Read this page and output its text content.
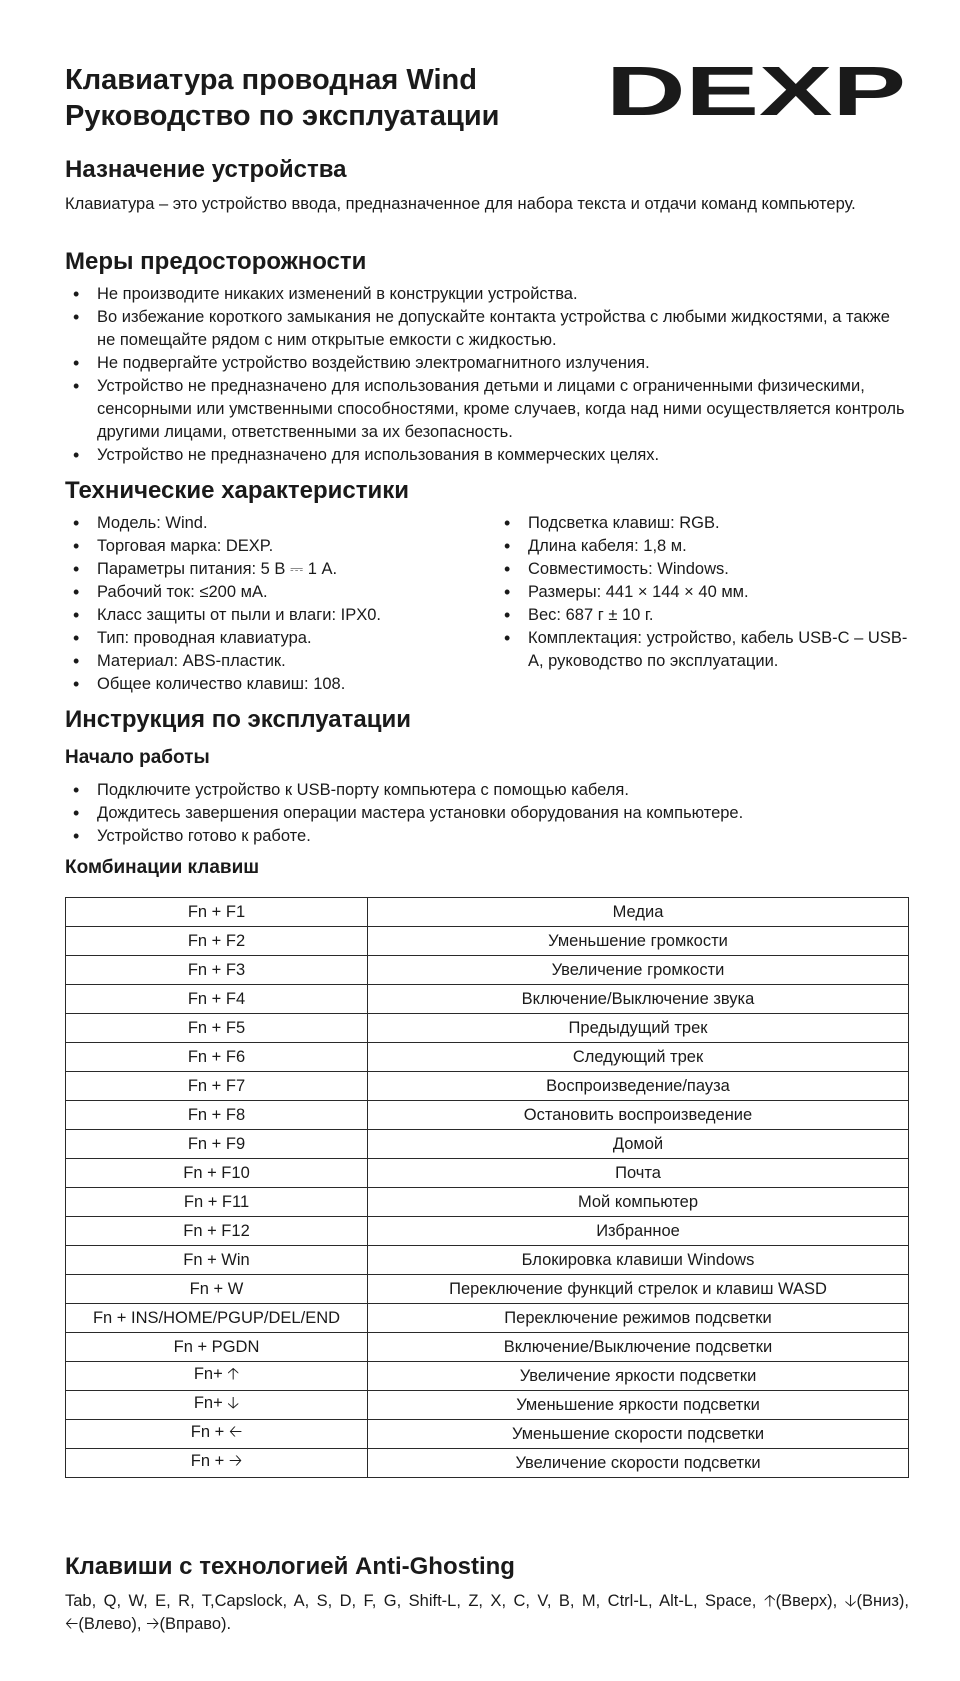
Клавиатура проводная Wind
Руководство по эксплуатации DEXP
Назначение устройства

Клавиатура – это устройство ввода, предназначенное для набора текста и отдачи команд компьютеру.

Меры предосторожности
• Не производите никаких изменений в конструкции устройства.
• Во избежание короткого замыкания не допускайте контакта устройства с любыми жидкостями, а также не помещайте рядом с ним открытые емкости с жидкостью.
• Не подвергайте устройство воздействию электромагнитного излучения.
• Устройство не предназначено для использования детьми и лицами с ограниченными физическими, сенсорными или умственными способностями, кроме случаев, когда над ними осуществляется контроль другими лицами, ответственными за их безопасность.
• Устройство не предназначено для использования в коммерческих целях.
Технические характеристики
• Модель: Wind.
• Торговая марка: DEXP.
• Параметры питания: 5 В ⎓ 1 А.
• Рабочий ток: ≤200 мА.
• Класс защиты от пыли и влаги: IPX0.
• Тип: проводная клавиатура.
• Материал: ABS-пластик.
• Общее количество клавиш: 108.
• Подсветка клавиш: RGB.
• Длина кабеля: 1,8 м.
• Совместимость: Windows.
• Размеры: 441 × 144 × 40 мм.
• Вес: 687 г ± 10 г.
• Комплектация: устройство, кабель USB-C – USB-A, руководство по эксплуатации.
Инструкция по эксплуатации
Начало работы
• Подключите устройство к USB-порту компьютера с помощью кабеля.
• Дождитесь завершения операции мастера установки оборудования на компьютере.
• Устройство готово к работе.
Комбинации клавиш
Fn + F1	Медиа
Fn + F2	Уменьшение громкости
Fn + F3	Увеличение громкости
Fn + F4	Включение/Выключение звука
Fn + F5	Предыдущий трек
Fn + F6	Следующий трек
Fn + F7	Воспроизведение/пауза
Fn + F8	Остановить воспроизведение
Fn + F9	Домой
Fn + F10	Почта
Fn + F11	Мой компьютер
Fn + F12	Избранное
Fn + Win	Блокировка клавиши Windows
Fn + W	Переключение функций стрелок и клавиш WASD
Fn + INS/HOME/PGUP/DEL/END	Переключение режимов подсветки
Fn + PGDN	Включение/Выключение подсветки
Fn+ 🡡	Увеличение яркости подсветки
Fn+ 🡣	Уменьшение яркости подсветки
Fn + 🡠	Уменьшение скорости подсветки
Fn + 🡢	Увеличение скорости подсветки
Клавиши с технологией Anti-Ghosting

Tab, Q, W, E, R, T,Capslock, A, S, D, F, G, Shift-L, Z, X, C, V, B, M, Ctrl-L, Alt-L, Space, 🡡(Вверх), 🡣(Вниз), 🡠(Влево), 🡢(Вправо).
